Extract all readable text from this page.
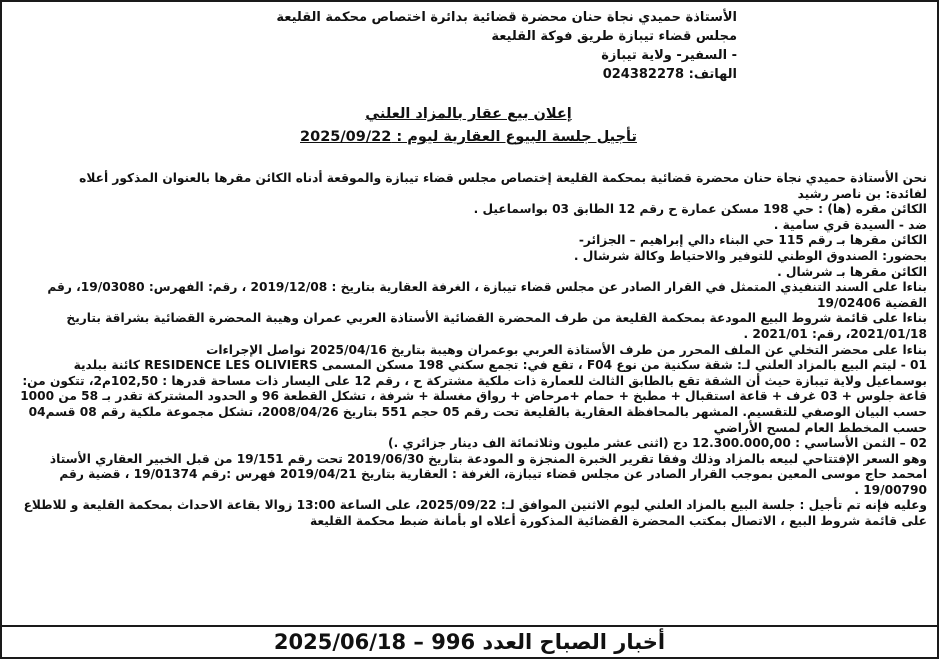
الأستاذة حميدي نجاة حنان محضرة قضائية بدائرة اختصاص محكمة القليعة
مجلس قضاء تيبازة طريق فوكة القليعة
- السفير- ولاية تيبازة
الهاتف: 024382278
إعلان بيع عقار بالمزاد العلني
تأجيل جلسة البيوع العقارية ليوم : 2025/09/22

نحن الأستاذة حميدي نجاة حنان محضرة قضائية بمحكمة القليعة إختصاص مجلس قضاء تيبازة والموقعة أدناه الكائن مقرها بالعنوان المذكور أعلاه

لفائدة: بن ناصر رشيد

الكائن مقره (ها) : حي 198 مسكن عمارة ح رقم 12 الطابق 03 بواسماعيل .

ضد - السيدة قري سامية .

الكائن مقرها بـ رقم 115 حي البناء دالي إبراهيم – الجزائر-

بحضور: الصندوق الوطني للتوفير والاحتياط وكالة شرشال .

الكائن مقرها بـ شرشال .

بناءا على السند التنفيذي المتمثل في القرار الصادر عن مجلس قضاء تيبازة ، الغرفة العقارية بتاريخ : 2019/12/08 ، رقم: الفهرس: 19/03080، رقم القضية 19/02406

بناءا على قائمة شروط البيع المودعة بمحكمة القليعة من طرف المحضرة القضائية الأستاذة العربي عمران وهيبة المحضرة القضائية بشراقة بتاريخ 2021/01/18، رقم: 2021/01 .

بناءا على محضر التخلي عن الملف المحرر من طرف الأستاذة العربي بوعمران وهيبة بتاريخ 2025/04/16 نواصل الإجراءات

01 - ليتم البيع بالمزاد العلني لـ: شقة سكنية من نوع F04 ، تقع في: تجمع سكني 198 مسكن المسمى RESIDENCE LES OLIVIERS كائنة ببلدية بوسماعيل ولاية تيبازة حيث أن الشقة تقع بالطابق الثالث للعمارة ذات ملكية مشتركة ح ، رقم 12 على اليسار ذات مساحة قدرها : 102,50م2، تتكون من: قاعة جلوس + 03 غرف + قاعة استقبال + مطبخ + حمام +مرحاض + رواق مغسلة + شرفة ، تشكل القطعة 96 و الحدود المشتركة تقدر بـ 58 من 1000 حسب البيان الوصفي للتقسيم. المشهر بالمحافظة العقارية بالقليعة تحت رقم 05 حجم 551 بتاريخ 2008/04/26، تشكل مجموعة ملكية رقم 08 قسم04 حسب المخطط العام لمسح الأراضي

02 – الثمن الأساسي : 12.300.000,00 دج (اثنى عشر مليون وثلاثمائة الف دينار جزائري .)

وهو السعر الإفتتاحي لبيعه بالمزاد وذلك وفقا تقرير الخبرة المنجزة و المودعة بتاريخ 2019/06/30 تحت رقم 19/151 من قبل الخبير العقاري الأستاذ امحمد حاج موسى المعين بموجب القرار الصادر عن مجلس قضاء تيبازة، الغرفة : العقارية بتاريخ 2019/04/21 فهرس :رقم 19/01374 ، قضية رقم 19/00790 .

وعليه فإنه تم تأجيل : جلسة البيع بالمزاد العلني ليوم الاثنين الموافق لـ: 2025/09/22، على الساعة 13:00 زوالا بقاعة الاحداث بمحكمة القليعة و للاطلاع على قائمة شروط البيع ، الاتصال بمكتب المحضرة القضائية المذكورة أعلاه او بأمانة ضبط محكمة القليعة

أخبار الصباح العدد 996 – 2025/06/18
